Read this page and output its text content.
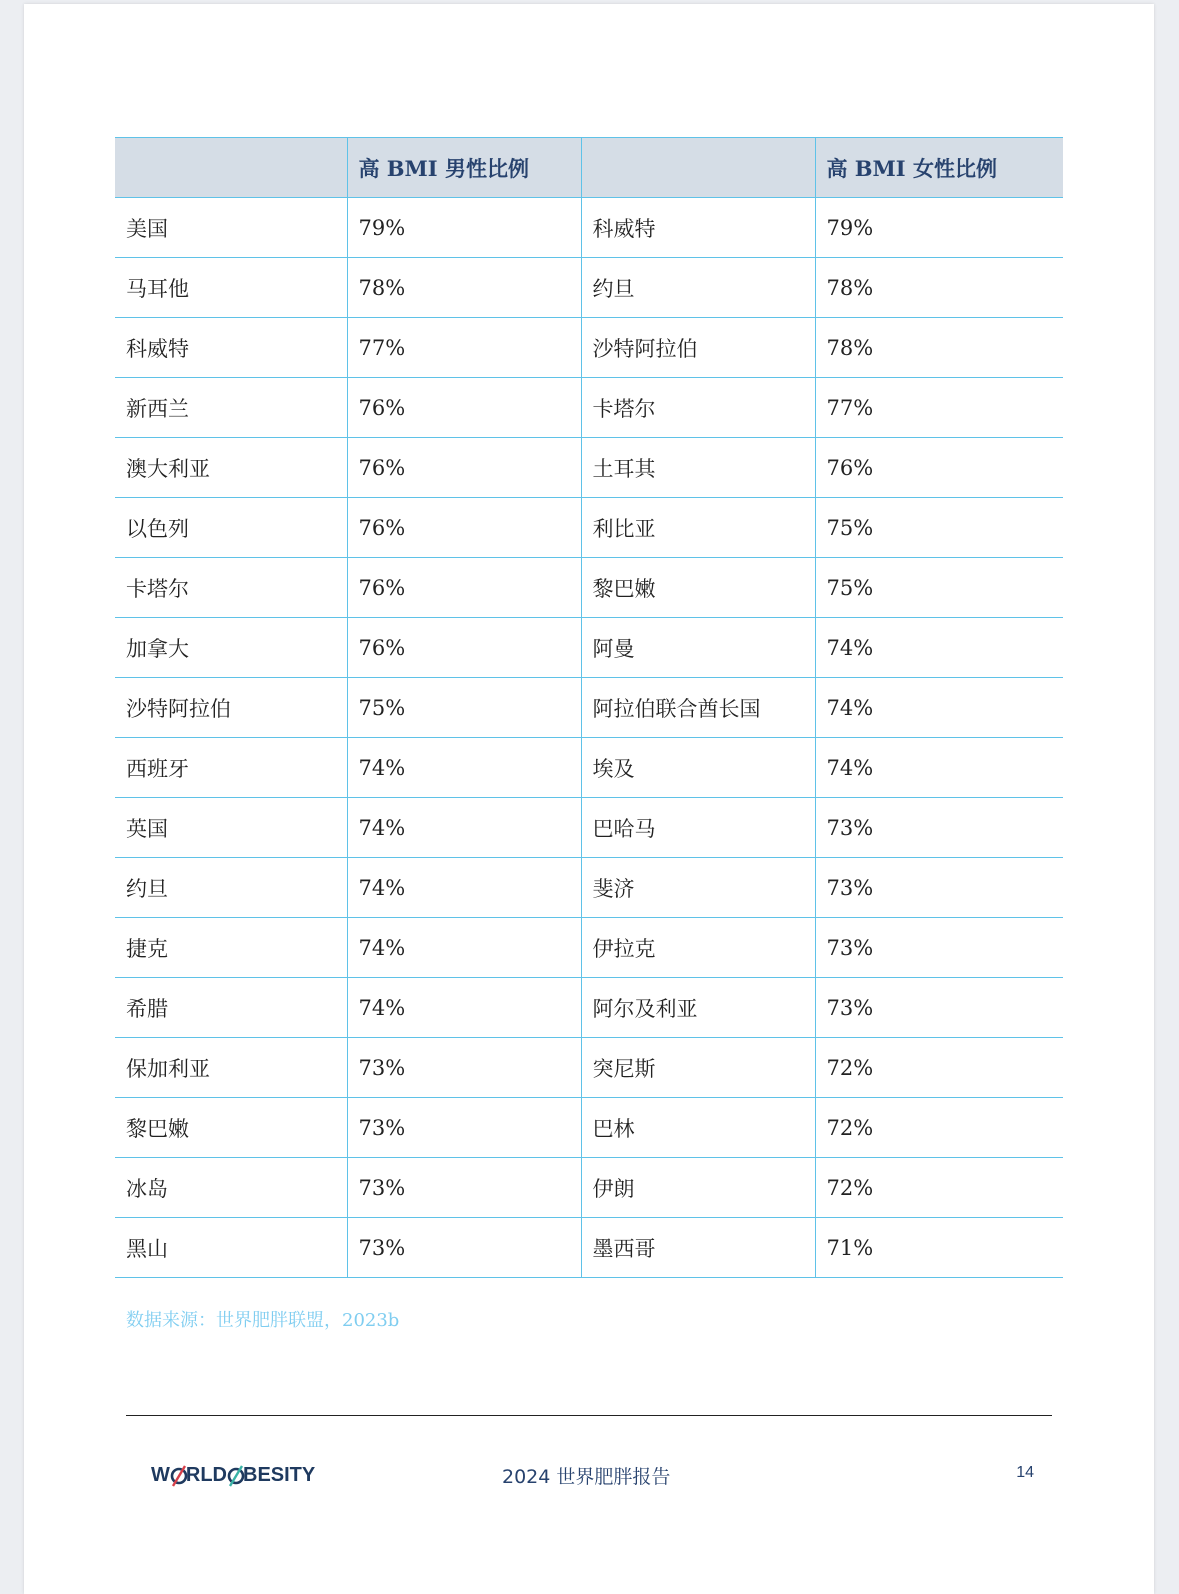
	高 BMI 男性比例		高 BMI 女性比例
美国	79%	科威特	79%
马耳他	78%	约旦	78%
科威特	77%	沙特阿拉伯	78%
新西兰	76%	卡塔尔	77%
澳大利亚	76%	土耳其	76%
以色列	76%	利比亚	75%
卡塔尔	76%	黎巴嫩	75%
加拿大	76%	阿曼	74%
沙特阿拉伯	75%	阿拉伯联合酋长国	74%
西班牙	74%	埃及	74%
英国	74%	巴哈马	73%
约旦	74%	斐济	73%
捷克	74%	伊拉克	73%
希腊	74%	阿尔及利亚	73%
保加利亚	73%	突尼斯	72%
黎巴嫩	73%	巴林	72%
冰岛	73%	伊朗	72%
黑山	73%	墨西哥	71%
数据来源：世界肥胖联盟，2023b
W RLD BESITY	2024 世界肥胖报告	14
